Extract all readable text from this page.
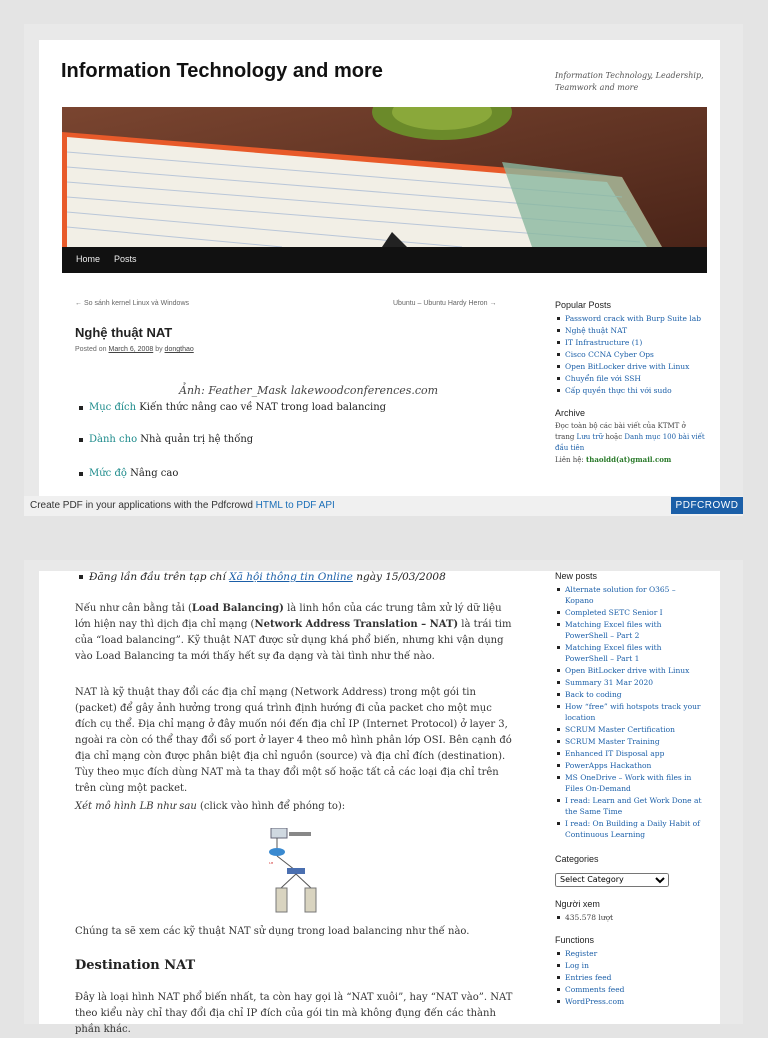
Information Technology and more	Information Technology, Leadership, Teamwork and more
Home Posts
← So sánh kernel Linux và Windows	Ubuntu – Ubuntu Hardy Heron →
Nghệ thuật NAT
Posted on March 6, 2008 by dongthao
Ảnh: Feather_Mask lakewoodconferences.com
Mục đích Kiến thức nâng cao về NAT trong load balancing
Dành cho Nhà quản trị hệ thống
Mức độ Nâng cao
Popular Posts
Password crack with Burp Suite lab
Nghệ thuật NAT
IT Infrastructure (1)
Cisco CCNA Cyber Ops
Open BitLocker drive with Linux
Chuyển file với SSH
Cấp quyền thực thi với sudo
Archive
Đọc toàn bộ các bài viết của KTMT ở trang Lưu trữ hoặc Danh mục 100 bài viết đầu tiên
Liên hệ: thaoldd(at)gmail.com
Create PDF in your applications with the Pdfcrowd HTML to PDF API	PDFCROWD
Đăng lần đầu trên tạp chí Xã hội thông tin Online ngày 15/03/2008

Nếu như cân bằng tải (Load Balancing) là linh hồn của các trung tâm xử lý dữ liệu lớn hiện nay thì dịch địa chỉ mạng (Network Address Translation – NAT) là trái tim của “load balancing”. Kỹ thuật NAT được sử dụng khá phổ biến, nhưng khi vận dụng vào Load Balancing ta mới thấy hết sự đa dạng và tài tình như thế nào.

NAT là kỹ thuật thay đổi các địa chỉ mạng (Network Address) trong một gói tin (packet) để gây ảnh hưởng trong quá trình định hướng đi của packet cho một mục đích cụ thể. Địa chỉ mạng ở đây muốn nói đến địa chỉ IP (Internet Protocol) ở layer 3, ngoài ra còn có thể thay đổi số port ở layer 4 theo mô hình phân lớp OSI. Bên cạnh đó địa chỉ mạng còn được phân biệt địa chỉ nguồn (source) và địa chỉ đích (destination). Tùy theo mục đích dùng NAT mà ta thay đổi một số hoặc tất cả các loại địa chỉ trên trên cùng một packet.

Xét mô hình LB như sau (click vào hình để phóng to):

LB

Chúng ta sẽ xem các kỹ thuật NAT sử dụng trong load balancing như thế nào.

Destination NAT

Đây là loại hình NAT phổ biến nhất, ta còn hay gọi là “NAT xuôi”, hay “NAT vào”. NAT theo kiểu này chỉ thay đổi địa chỉ IP đích của gói tin mà không đụng đến các thành phần khác.

New posts
Alternate solution for O365 – Kopano
Completed SETC Senior I
Matching Excel files with PowerShell – Part 2
Matching Excel files with PowerShell – Part 1
Open BitLocker drive with Linux
Summary 31 Mar 2020
Back to coding
How “free” wifi hotspots track your location
SCRUM Master Certification
SCRUM Master Training
Enhanced IT Disposal app
PowerApps Hackathon
MS OneDrive – Work with files in Files On-Demand
I read: Learn and Get Work Done at the Same Time
I read: On Building a Daily Habit of Continuous Learning
Categories
Select Category
Người xem
435.578 lượt
Functions
Register
Log in
Entries feed
Comments feed
WordPress.com
